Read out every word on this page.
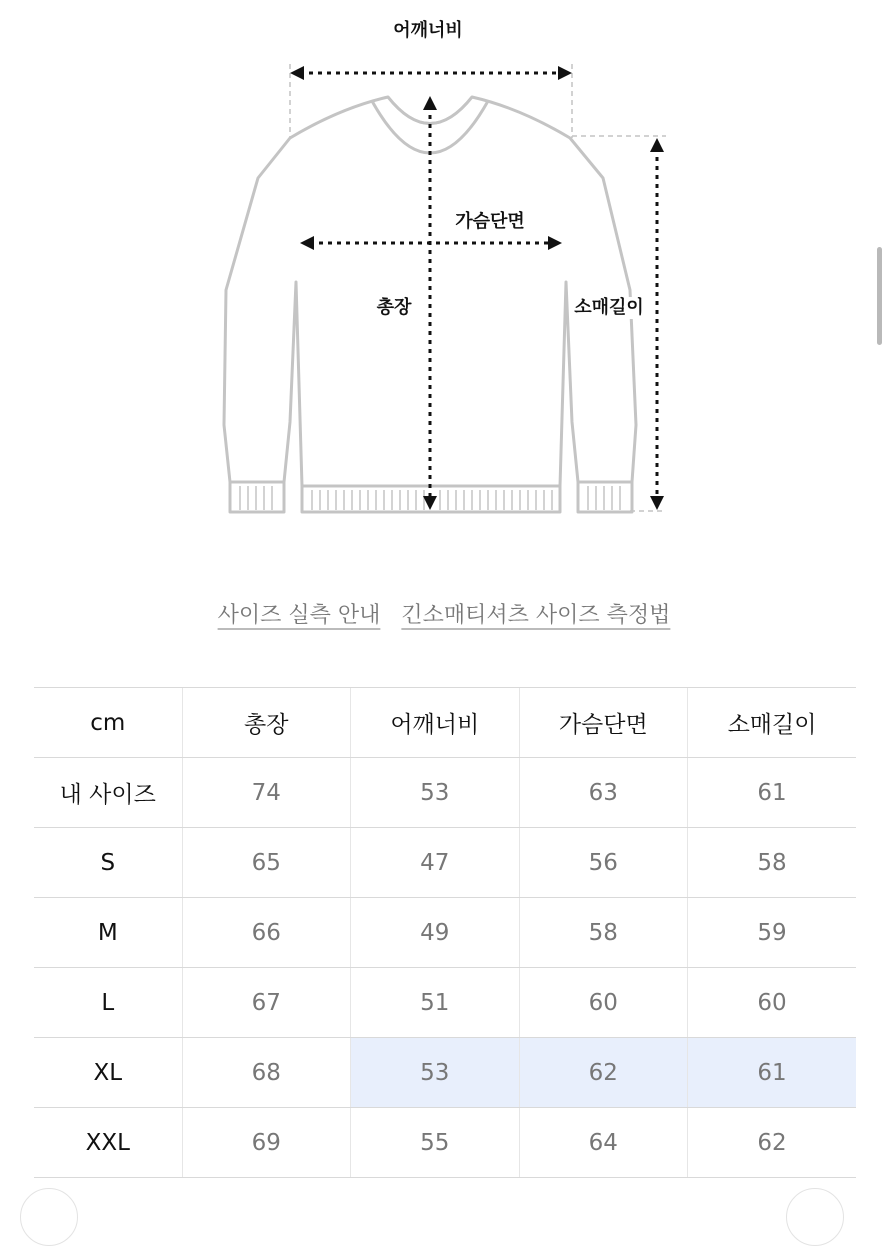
어깨너비
가슴단면
총장	소매길이
사이즈 실측 안내 긴소매티셔츠 사이즈 측정법
cm	총장	어깨너비	가슴단면	소매길이
내 사이즈	74	53	63	61
S	65	47	56	58
M	66	49	58	59
L	67	51	60	60
XL	68	53	62	61
XXL	69	55	64	62
